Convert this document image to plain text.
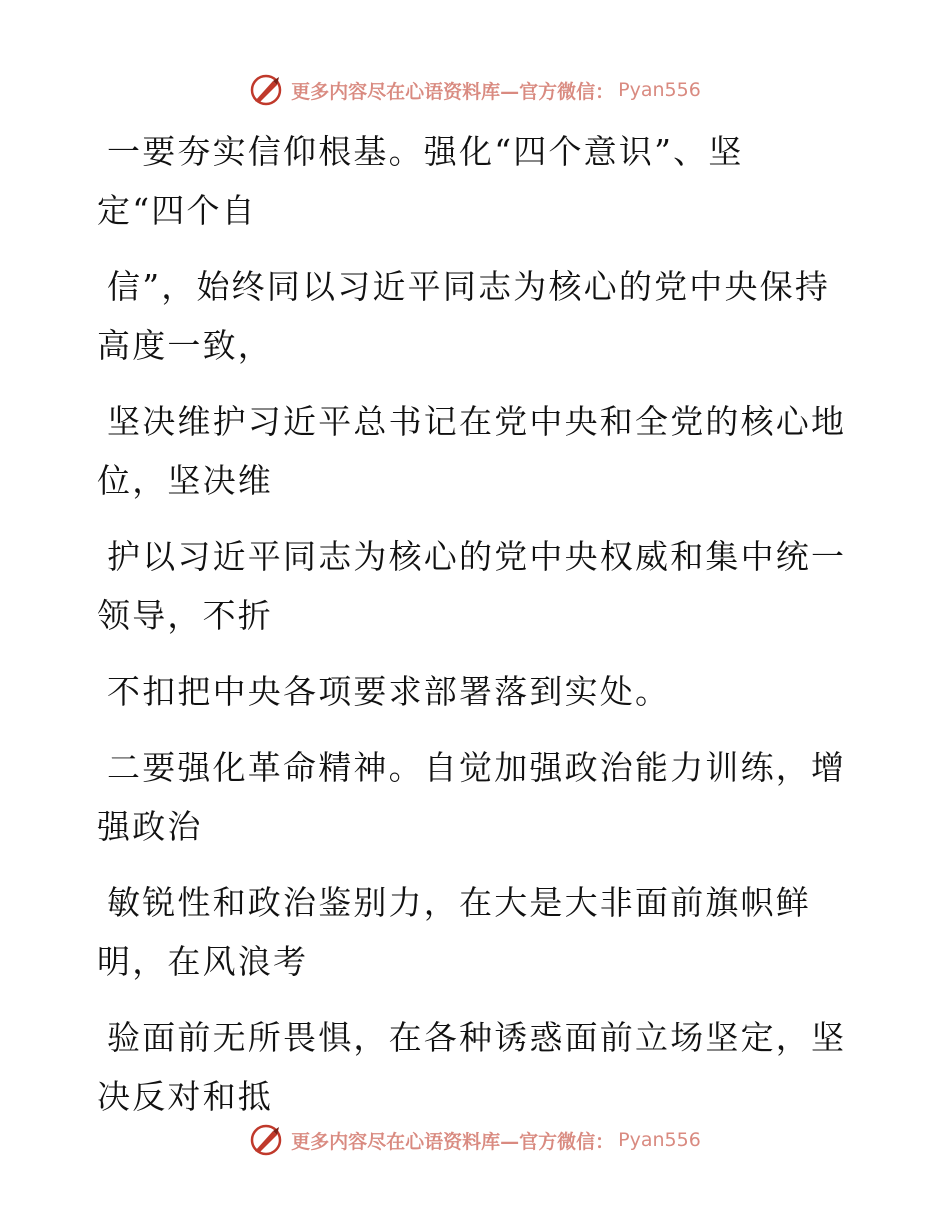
更多内容尽在心语资料库—官方微信： Pyan556
一要夯实信仰根基。强化“四个意识”、坚
定“四个自
信”，始终同以习近平同志为核心的党中央保持
高度一致，
坚决维护习近平总书记在党中央和全党的核心地
位，坚决维
护以习近平同志为核心的党中央权威和集中统一
领导，不折
不扣把中央各项要求部署落到实处。
二要强化革命精神。自觉加强政治能力训练，增
强政治
敏锐性和政治鉴别力，在大是大非面前旗帜鲜
明，在风浪考
验面前无所畏惧，在各种诱惑面前立场坚定，坚
决反对和抵
更多内容尽在心语资料库—官方微信： Pyan556
